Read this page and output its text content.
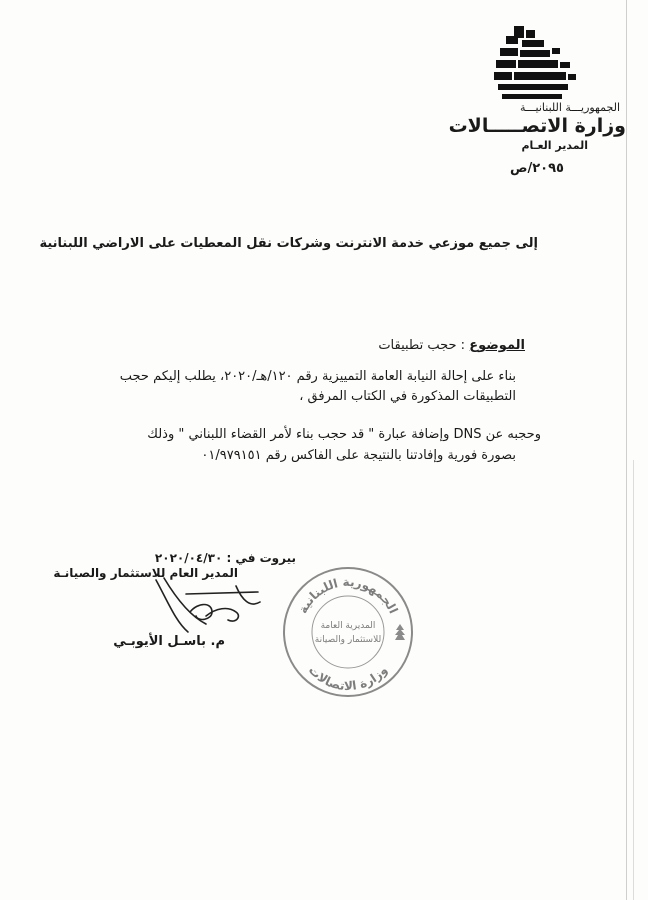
الجمهوريـــة اللبنانيـــة
وزارة الاتصـــــالات
المدير العـام
۲۰۹٥/ص
إلى جميع موزعي خدمة الانترنت وشركات نقل المعطيات على الاراضي اللبنانية
الموضوع : حجب تطبيقات
بناء على إحالة النيابة العامة التمييزية رقم ۱۲۰/هـ/۲۰۲۰، يطلب إليكم حجب
التطبيقات المذكورة في الكتاب المرفق ،
وحجبه عن DNS وإضافة عبارة " قد حجب بناء لأمر القضاء اللبناني " وذلك
بصورة فورية وإفادتنا بالنتيجة على الفاكس رقم ٠١/٩٧٩١٥١
بيروت في : ۲۰۲۰/۰٤/۳۰
المدير العام للاستثمار والصيانـة
م. باسـل الأيوبـي
الجمهورية اللبنانية
وزارة الاتصالات
المديرية العامة
للاستثمار والصيانة
